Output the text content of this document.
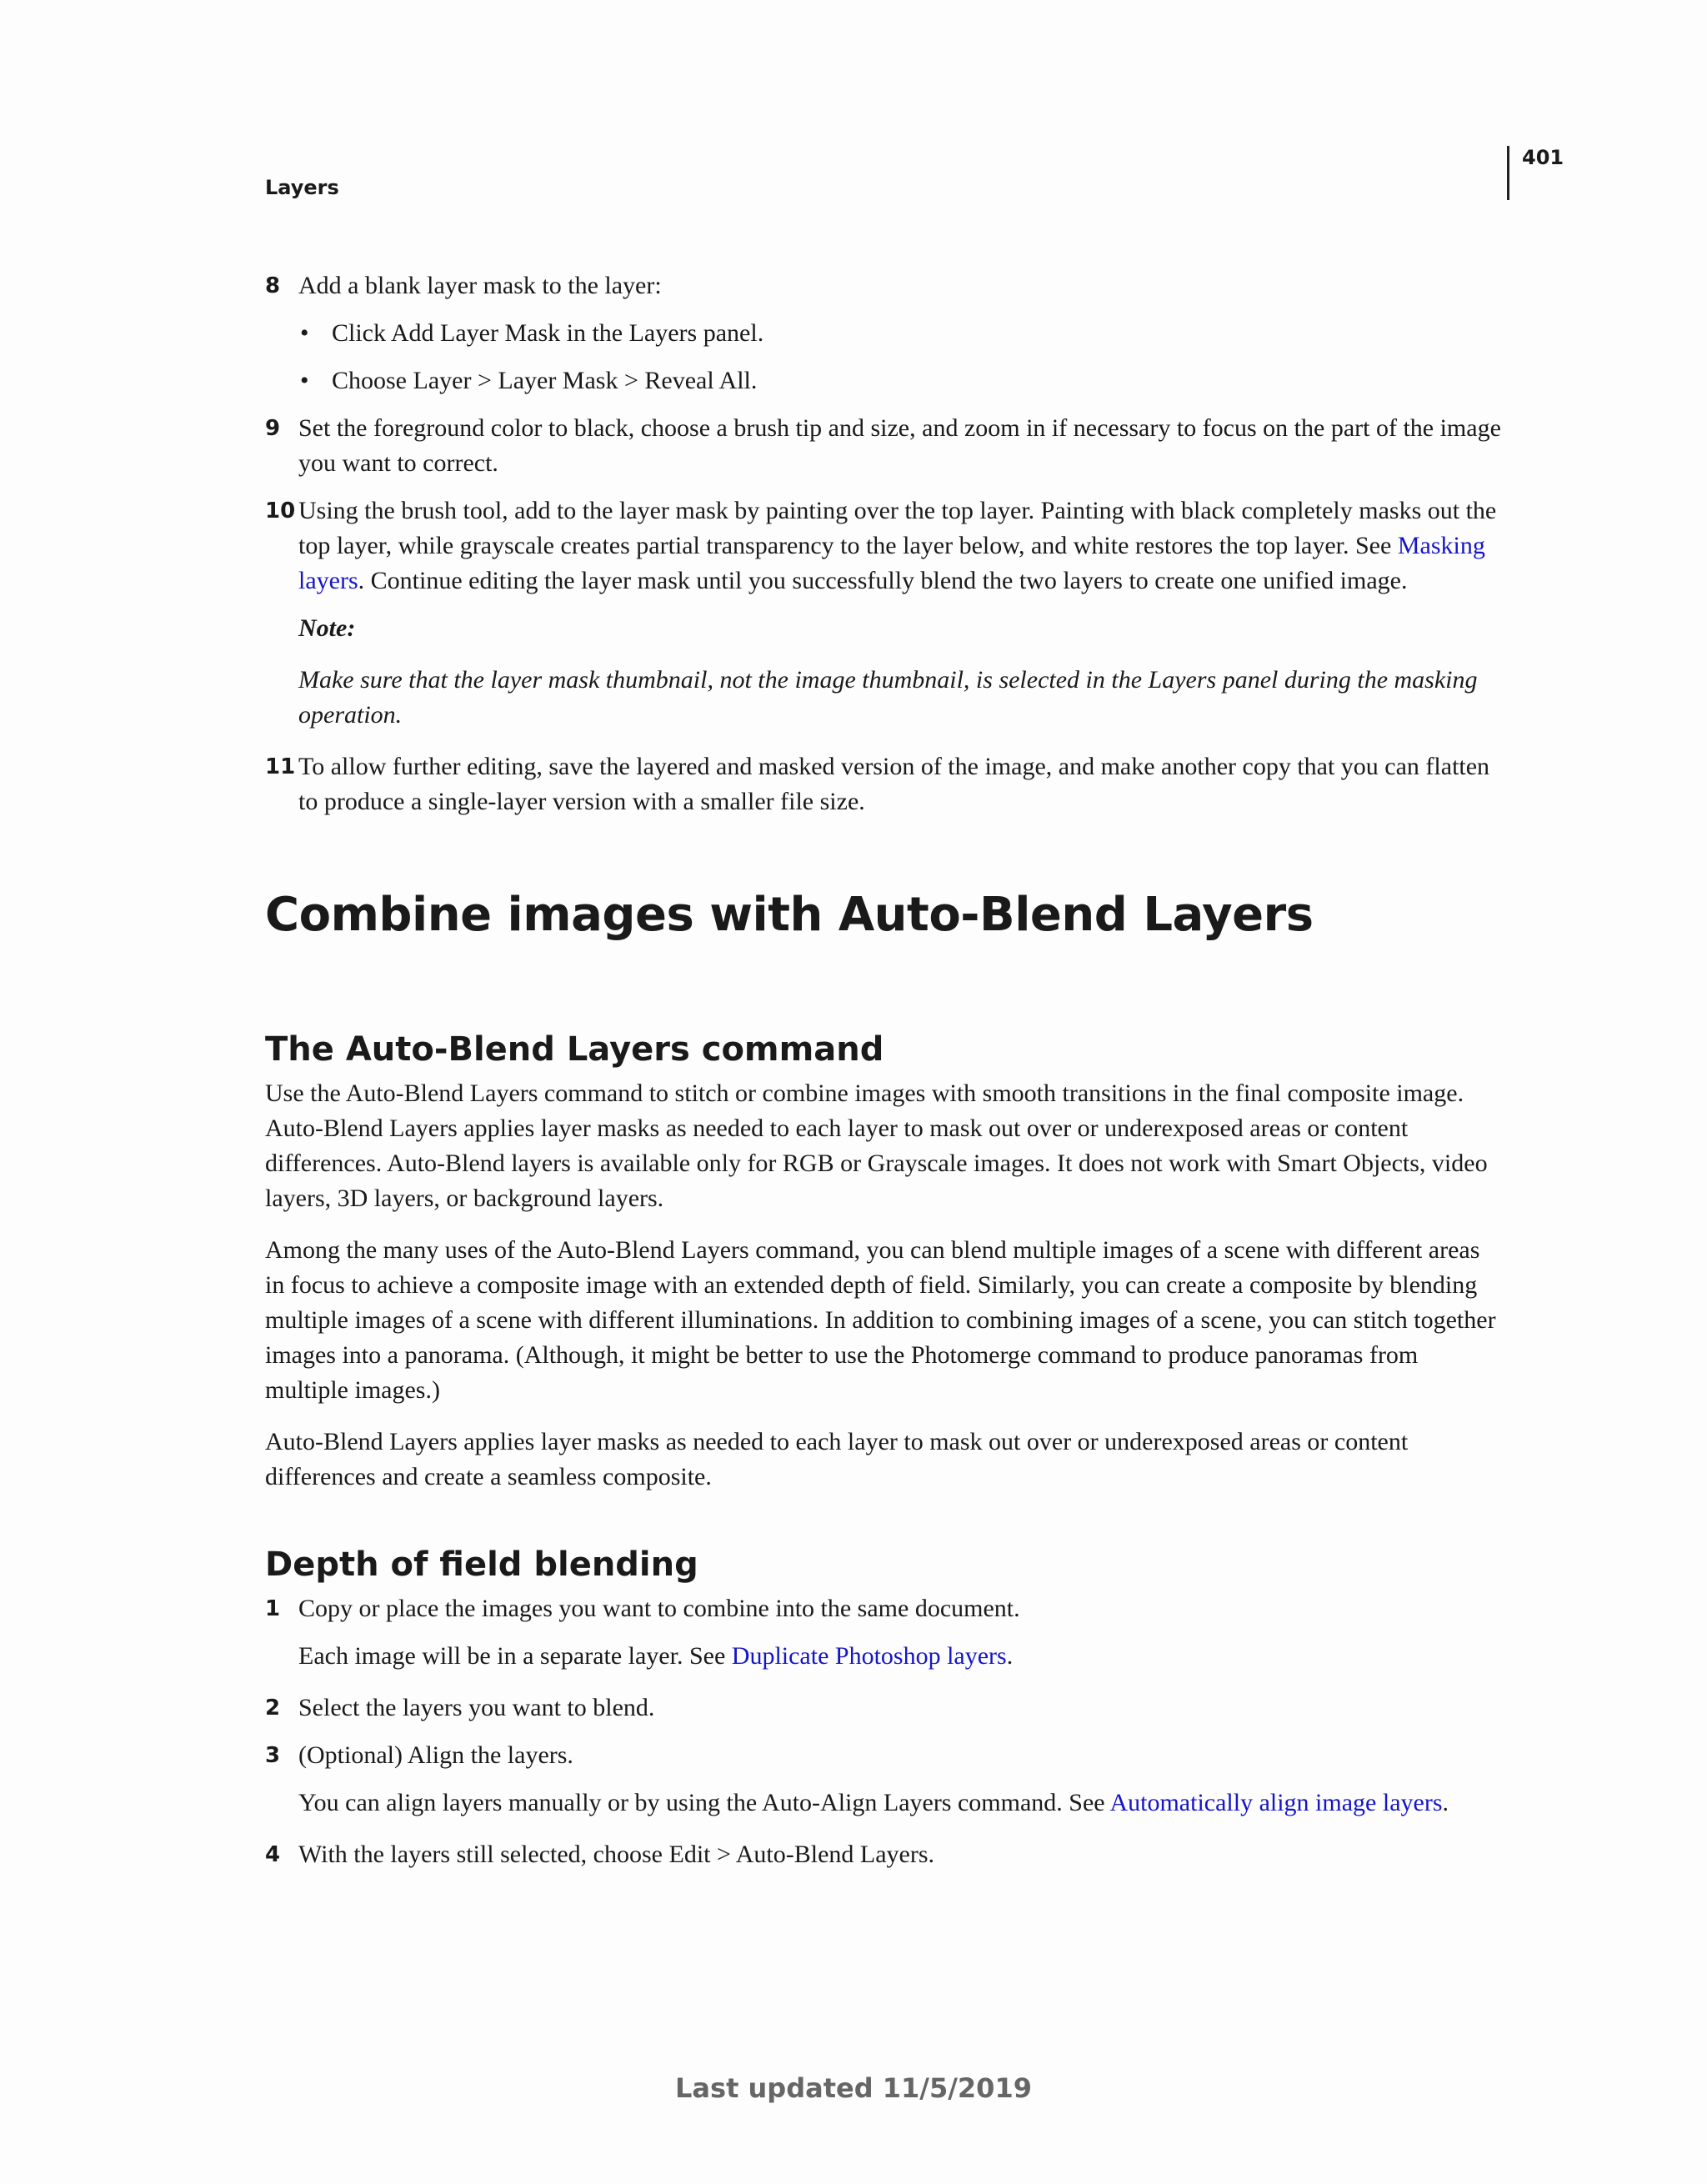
Layers
401
8 Add a blank layer mask to the layer:
• Click Add Layer Mask in the Layers panel.
• Choose Layer > Layer Mask > Reveal All.
9 Set the foreground color to black, choose a brush tip and size, and zoom in if necessary to focus on the part of the image you want to correct.
10 Using the brush tool, add to the layer mask by painting over the top layer. Painting with black completely masks out the top layer, while grayscale creates partial transparency to the layer below, and white restores the top layer. See Masking layers. Continue editing the layer mask until you successfully blend the two layers to create one unified image.
Note:
Make sure that the layer mask thumbnail, not the image thumbnail, is selected in the Layers panel during the masking operation.
11 To allow further editing, save the layered and masked version of the image, and make another copy that you can flatten to produce a single-layer version with a smaller file size.
Combine images with Auto-Blend Layers
The Auto-Blend Layers command

Use the Auto-Blend Layers command to stitch or combine images with smooth transitions in the final composite image. Auto-Blend Layers applies layer masks as needed to each layer to mask out over or underexposed areas or content differences. Auto-Blend layers is available only for RGB or Grayscale images. It does not work with Smart Objects, video layers, 3D layers, or background layers.

Among the many uses of the Auto-Blend Layers command, you can blend multiple images of a scene with different areas in focus to achieve a composite image with an extended depth of field. Similarly, you can create a composite by blending multiple images of a scene with different illuminations. In addition to combining images of a scene, you can stitch together images into a panorama. (Although, it might be better to use the Photomerge command to produce panoramas from multiple images.)

Auto-Blend Layers applies layer masks as needed to each layer to mask out over or underexposed areas or content differences and create a seamless composite.

Depth of field blending
1 Copy or place the images you want to combine into the same document.

Each image will be in a separate layer. See Duplicate Photoshop layers.

2 Select the layers you want to blend.
3 (Optional) Align the layers.

You can align layers manually or by using the Auto-Align Layers command. See Automatically align image layers.

4 With the layers still selected, choose Edit > Auto-Blend Layers.
Last updated 11/5/2019
